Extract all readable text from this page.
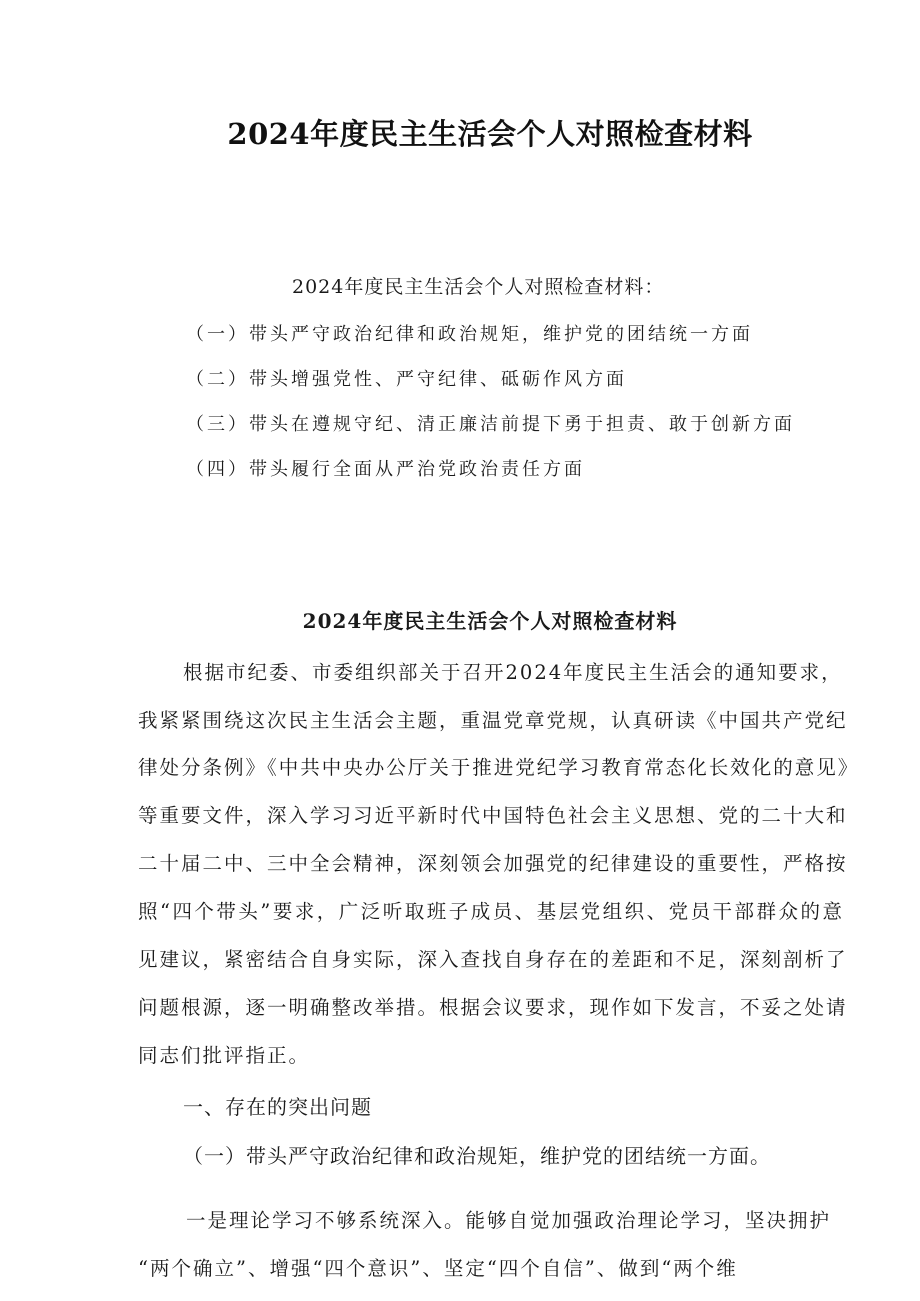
2024年度民主生活会个人对照检查材料

2024年度民主生活会个人对照检查材料：

（一）带头严守政治纪律和政治规矩，维护党的团结统一方面

（二）带头增强党性、严守纪律、砥砺作风方面

（三）带头在遵规守纪、清正廉洁前提下勇于担责、敢于创新方面

（四）带头履行全面从严治党政治责任方面

2024年度民主生活会个人对照检查材料

根据市纪委、市委组织部关于召开2024年度民主生活会的通知要求，

我紧紧围绕这次民主生活会主题，重温党章党规，认真研读《中国共产党纪

律处分条例》《中共中央办公厅关于推进党纪学习教育常态化长效化的意见》

等重要文件，深入学习习近平新时代中国特色社会主义思想、党的二十大和

二十届二中、三中全会精神，深刻领会加强党的纪律建设的重要性，严格按

照“四个带头”要求，广泛听取班子成员、基层党组织、党员干部群众的意

见建议，紧密结合自身实际，深入查找自身存在的差距和不足，深刻剖析了

问题根源，逐一明确整改举措。根据会议要求，现作如下发言，不妥之处请

同志们批评指正。

一、存在的突出问题

（一）带头严守政治纪律和政治规矩，维护党的团结统一方面。

一是理论学习不够系统深入。能够自觉加强政治理论学习，坚决拥护

“两个确立”、增强“四个意识”、坚定“四个自信”、做到“两个维
